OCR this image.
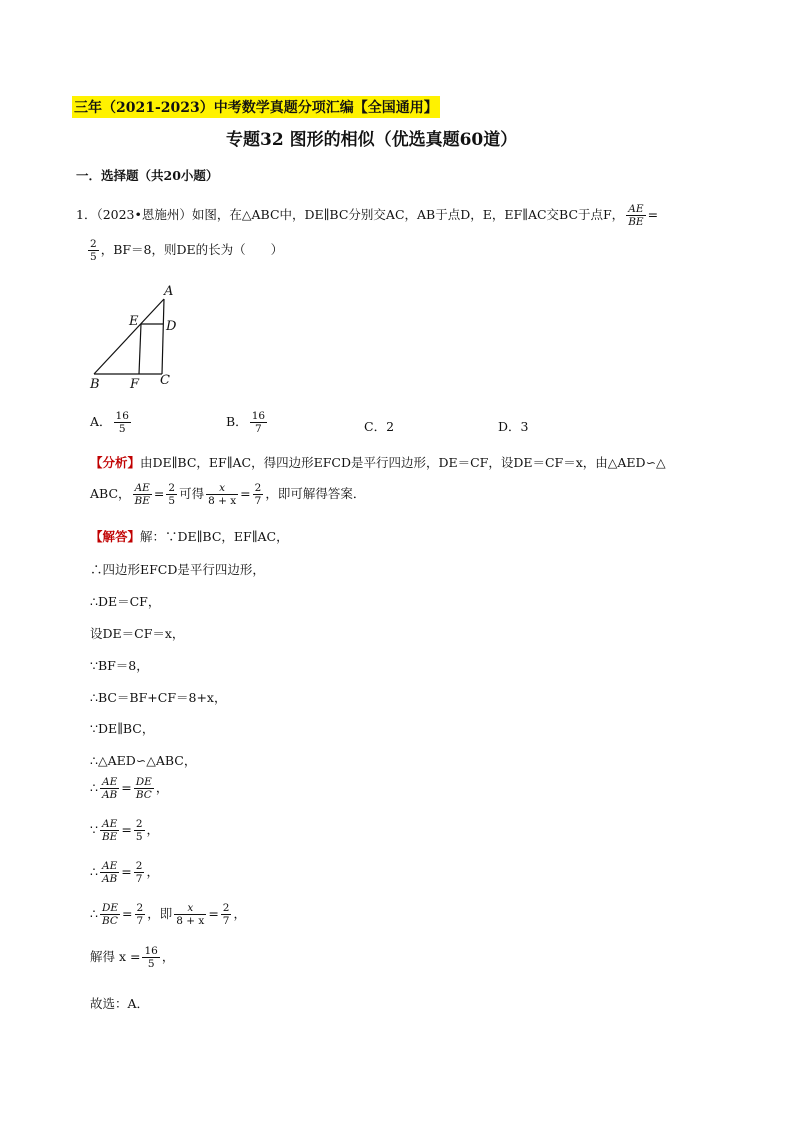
三年（2021-2023）中考数学真题分项汇编【全国通用】
专题32 图形的相似（优选真题60道）
一．选择题（共20小题）
1．（2023•恩施州）如图，在△ABC中，DE∥BC分别交AC，AB于点D，E，EF∥AC交BC于点F， $\frac{AE}{BE}$ =
$\frac{2}{5}$ ，BF＝8，则DE的长为（　　）
A
E D
B F C
A． $\frac{16}{5}$	B． $\frac{16}{7}$	C．2	D．3
【分析】由DE∥BC，EF∥AC，得四边形EFCD是平行四边形，DE＝CF，设DE＝CF＝x，由△AED∽△
ABC， $\frac{AE}{BE} = \frac{2}{5}$ 可得 $\frac{x}{8 + x} = \frac{2}{7}$ ，即可解得答案．
【解答】解：∵DE∥BC，EF∥AC，
∴四边形EFCD是平行四边形，
∴DE＝CF，
设DE＝CF＝x，
∵BF＝8，
∴BC＝BF+CF＝8+x，
∵DE∥BC，
∴△AED∽△ABC，
∴ $\frac{AE}{AB} = \frac{DE}{BC}$ ，
∵ $\frac{AE}{BE} = \frac{2}{5}$ ，
∴ $\frac{AE}{AB} = \frac{2}{7}$ ，
∴ $\frac{DE}{BC} = \frac{2}{7}$ ，即 $\frac{x}{8 + x} = \frac{2}{7}$ ，
解得 $x = \frac{16}{5}$ ，
故选：A．
